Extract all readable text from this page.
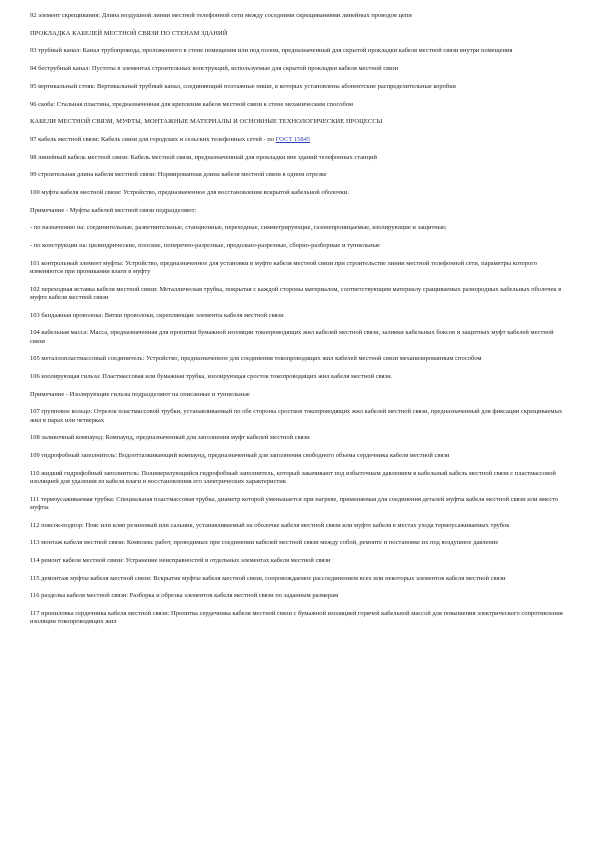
92 элемент скрещивания: Длина воздушной линии местной телефонной сети между соседними скрещиваниями линейных проводов цепи
ПРОКЛАДКА КАБЕЛЕЙ МЕСТНОЙ СВЯЗИ ПО СТЕНАМ ЗДАНИЙ
93 трубный канал: Канал трубопровода, проложенного в стене помещения или под полом, предназначенный для скрытой прокладки кабеля местной связи внутри помещения
94 беструбный канал: Пустоты в элементах строительных конструкций, используемые для скрытой прокладки кабеля местной связи
95 вертикальный стояк: Вертикальный трубный канал, соединяющий поэтажные ниши, в которых установлены абонентские распределительные коробки
96 скоба: Стальная пластина, предназначенная для крепления кабеля местной связи к стене механическим способом
КАБЕЛИ МЕСТНОЙ СВЯЗИ, МУФТЫ, МОНТАЖНЫЕ МАТЕРИАЛЫ И ОСНОВНЫЕ ТЕХНОЛОГИЧЕСКИЕ ПРОЦЕССЫ
97 кабель местной связи: Кабель связи для городских и сельских телефонных сетей - по ГОСТ 15845
98 линейный кабель местной связи: Кабель местной связи, предназначенный для прокладки вне зданий телефонных станций
99 строительная длина кабеля местной связи: Нормированная длина кабеля местной связи в одном отрезке
100 муфта кабеля местной связи: Устройство, предназначенное для восстановления вскрытой кабельной оболочки.
Примечание - Муфты кабелей местной связи подразделяют:
- по назначению на: соединительные, разветвительные, станционные, переходные, симметрирующие, газонепроницаемые, изолирующие и защитные;
- по конструкции на: цилиндрические, плоские, поперечно-разрезные, продольно-разрезные, сборно-разборные и туннельные
101 контрольный элемент муфты: Устройство, предназначенное для установки в муфте кабеля местной связи при строительстве линии местной телефонной сети, параметры которого изменяются при проникании влаги в муфту
102 переходная вставка кабеля местной связи: Металлическая трубка, покрытая с каждой стороны материалом, соответствующим материалу сращиваемых разнородных кабельных оболочек в муфте кабеля местной связи
103 бандажная проволока: Витки проволоки, скрепляющие элементы кабеля местной связи
104 кабельная масса: Масса, предназначенная для пропитки бумажной изоляции токопроводящих жил кабелей местной связи, заливки кабельных боксов и защитных муфт кабелей местной связи
105 металлопластмассовый соединитель: Устройство, предназначенное для соединения токопроводящих жил кабелей местной связи механизированным способом
106 изолирующая гильза: Пластмассовая или бумажная трубка, изолирующая сросток токопроводящих жил кабеля местной связи.
Примечание - Изолирующие гильзы подразделяют на описанные и туннельные
107 групповое кольцо: Отрезок пластмассовой трубки, устанавливаемый по обе стороны сростков токопроводящих жил кабелей местной связи, предназначенный для фиксации скрещиваемых жил в парах или четверках
108 заливочный компаунд: Компаунд, предназначенный для заполнения муфт кабелей местной связи
109 гидрофобный заполнитель: Водоотталкивающий компаунд, предназначенный для заполнения свободного объема сердечника кабеля местной связи
110 жидкий гидрофобный заполнитель: Полимеризующийся гидрофобный заполнитель, который закачивают под избыточным давлением в кабельный кабель местной связи с пластмассовой изоляцией для удаления из кабеля влаги и восстановления его электрических характеристик
111 термоусаживаемая трубка: Специальная пластмассовая трубка, диаметр которой уменьшается при нагреве, применяемая для соединения деталей муфты кабеля местной связи или вместо муфты
112 поясок-подпор: Пояс или кляп резиновый или сальник, устанавливаемый на оболочке кабеля местной связи или муфте кабеля в местах ухода термоусаживаемых трубок
113 монтаж кабеля местной связи: Комплекс работ, проводимых при соединении кабелей местной связи между собой, ремонте и постановке их под воздушное давление
114 ремонт кабеля местной связи: Устранение неисправностей в отдельных элементах кабеля местной связи
115 демонтаж муфты кабеля местной связи: Вскрытие муфты кабеля местной связи, сопровождаемое рассоединением всех или некоторых элементов кабеля местной связи
116 разделка кабеля местной связи: Разборка и обрезка элементов кабеля местной связи по заданным размерам
117 пропиловка сердечника кабеля местной связи: Пропитка сердечника кабеля местной связи с бумажной изоляцией горячей кабельной массой для повышения электрического сопротивления изоляции токопроводящих жил
